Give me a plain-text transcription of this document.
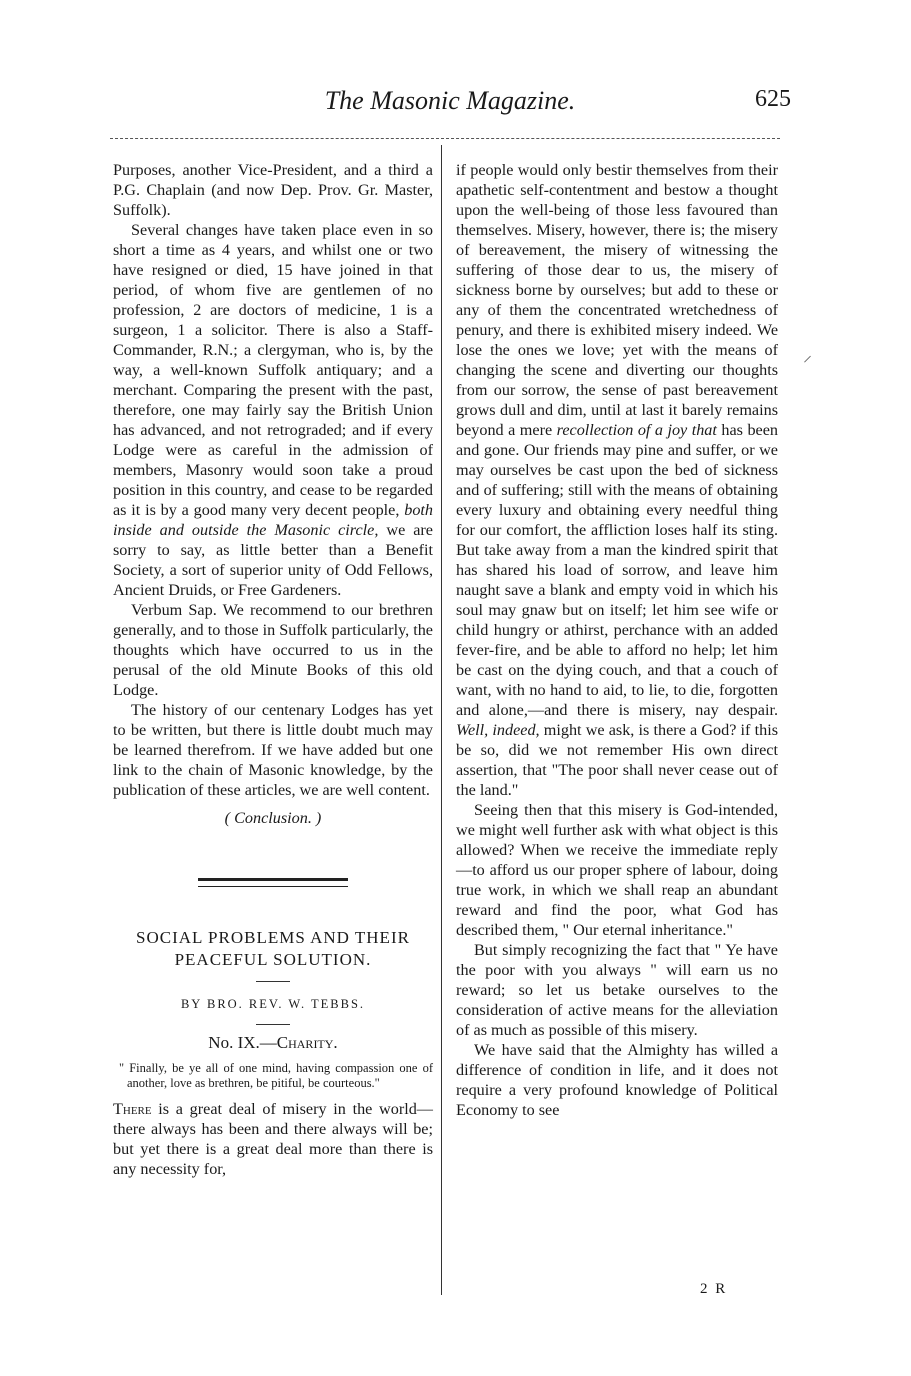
The Masonic Magazine.	625
⸝

Purposes, another Vice-President, and a third a P.G. Chaplain (and now Dep. Prov. Gr. Master, Suffolk).

Several changes have taken place even in so short a time as 4 years, and whilst one or two have resigned or died, 15 have joined in that period, of whom five are gentlemen of no profession, 2 are doctors of medicine, 1 is a surgeon, 1 a solicitor. There is also a Staff-Commander, R.N.; a clergyman, who is, by the way, a well-known Suffolk antiquary; and a merchant. Comparing the present with the past, therefore, one may fairly say the British Union has advanced, and not retrograded; and if every Lodge were as careful in the admission of members, Masonry would soon take a proud position in this country, and cease to be regarded as it is by a good many very decent people, both inside and outside the Masonic circle, we are sorry to say, as little better than a Benefit Society, a sort of superior unity of Odd Fellows, Ancient Druids, or Free Gardeners.

Verbum Sap. We recommend to our brethren generally, and to those in Suffolk particularly, the thoughts which have occurred to us in the perusal of the old Minute Books of this old Lodge.

The history of our centenary Lodges has yet to be written, but there is little doubt much may be learned therefrom. If we have added but one link to the chain of Masonic knowledge, by the publication of these articles, we are well content.

( Conclusion. )

SOCIAL PROBLEMS AND THEIR
PEACEFUL SOLUTION.

BY BRO. REV. W. TEBBS.

No. IX.—Charity.

" Finally, be ye all of one mind, having compassion one of another, love as brethren, be pitiful, be courteous."

There is a great deal of misery in the world—there always has been and there always will be; but yet there is a great deal more than there is any necessity for,

if people would only bestir themselves from their apathetic self-contentment and bestow a thought upon the well-being of those less favoured than themselves. Misery, however, there is; the misery of bereavement, the misery of witnessing the suffering of those dear to us, the misery of sickness borne by ourselves; but add to these or any of them the concentrated wretchedness of penury, and there is exhibited misery indeed. We lose the ones we love; yet with the means of changing the scene and diverting our thoughts from our sorrow, the sense of past bereavement grows dull and dim, until at last it barely remains beyond a mere recollection of a joy that has been and gone. Our friends may pine and suffer, or we may ourselves be cast upon the bed of sickness and of suffering; still with the means of obtaining every luxury and obtaining every needful thing for our comfort, the affliction loses half its sting. But take away from a man the kindred spirit that has shared his load of sorrow, and leave him naught save a blank and empty void in which his soul may gnaw but on itself; let him see wife or child hungry or athirst, perchance with an added fever-fire, and be able to afford no help; let him be cast on the dying couch, and that a couch of want, with no hand to aid, to lie, to die, forgotten and alone,—and there is misery, nay despair. Well, indeed, might we ask, is there a God? if this be so, did we not remember His own direct assertion, that "The poor shall never cease out of the land."

Seeing then that this misery is God-intended, we might well further ask with what object is this allowed? When we receive the immediate reply—to afford us our proper sphere of labour, doing true work, in which we shall reap an abundant reward and find the poor, what God has described them, " Our eternal inheritance."

But simply recognizing the fact that " Ye have the poor with you always " will earn us no reward; so let us betake ourselves to the consideration of active means for the alleviation of as much as possible of this misery.

We have said that the Almighty has willed a difference of condition in life, and it does not require a very profound knowledge of Political Economy to see

2 R
